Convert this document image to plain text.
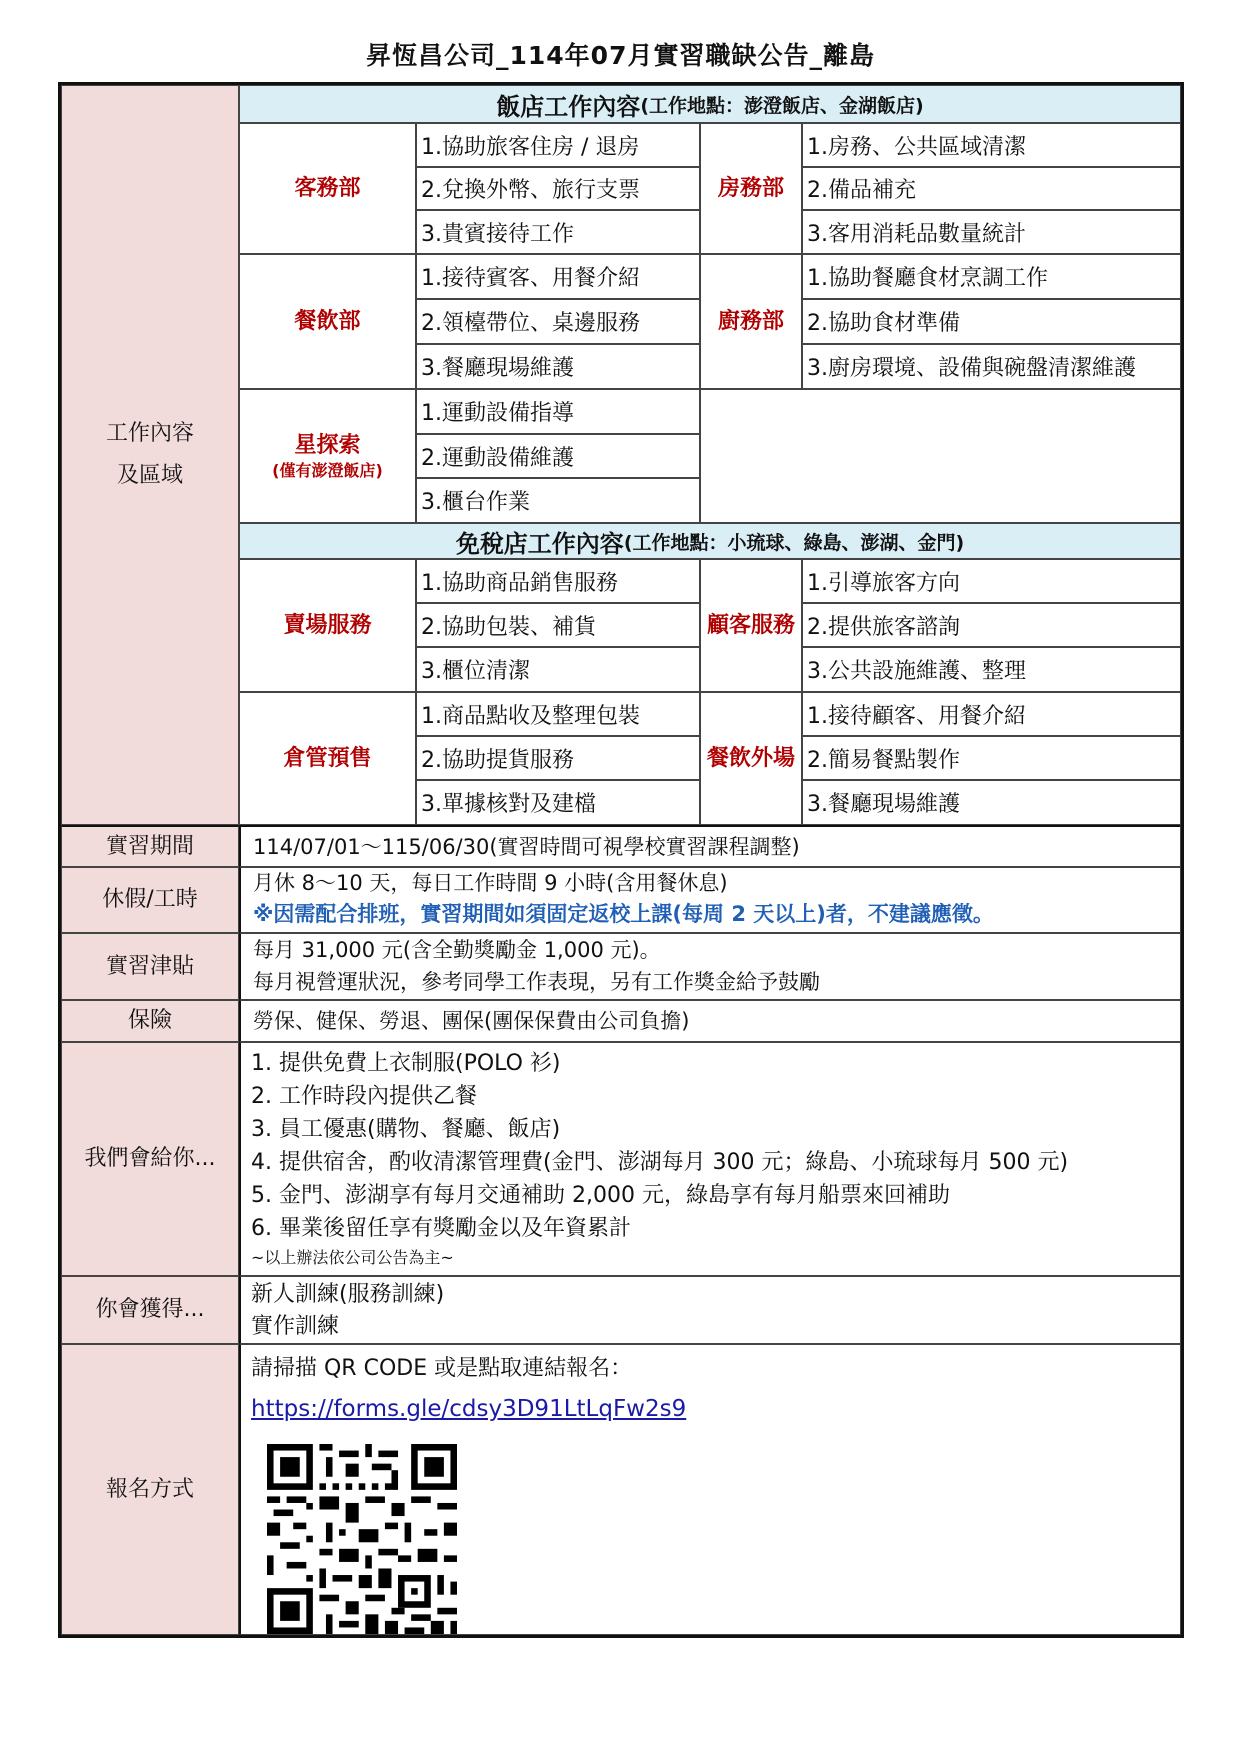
昇恆昌公司_114年07月實習職缺公告_離島
工作內容
及區域
飯店工作內容 (工作地點：澎澄飯店、金湖飯店)
客務部
1.協助旅客住房 / 退房
2.兌換外幣、旅行支票
3.貴賓接待工作
房務部
1.房務、公共區域清潔
2.備品補充
3.客用消耗品數量統計
餐飲部
1.接待賓客、用餐介紹
2.領檯帶位、桌邊服務
3.餐廳現場維護
廚務部
1.協助餐廳食材烹調工作
2.協助食材準備
3.廚房環境、設備與碗盤清潔維護
星探索
(僅有澎澄飯店)
1.運動設備指導
2.運動設備維護
3.櫃台作業
免稅店工作內容 (工作地點：小琉球、綠島、澎湖、金門)
賣場服務
1.協助商品銷售服務
2.協助包裝、補貨
3.櫃位清潔
顧客服務
1.引導旅客方向
2.提供旅客諮詢
3.公共設施維護、整理
倉管預售
1.商品點收及整理包裝
2.協助提貨服務
3.單據核對及建檔
餐飲外場
1.接待顧客、用餐介紹
2.簡易餐點製作
3.餐廳現場維護
實習期間	114/07/01～115/06/30(實習時間可視學校實習課程調整)
休假/工時
月休 8～10 天，每日工作時間 9 小時(含用餐休息)
※因需配合排班，實習期間如須固定返校上課(每周 2 天以上)者，不建議應徵。
實習津貼
每月 31,000 元(含全勤獎勵金 1,000 元)。
每月視營運狀況，參考同學工作表現，另有工作獎金給予鼓勵
保險	勞保、健保、勞退、團保(團保保費由公司負擔)
我們會給你...
1. 提供免費上衣制服(POLO 衫)
2. 工作時段內提供乙餐
3. 員工優惠(購物、餐廳、飯店)
4. 提供宿舍，酌收清潔管理費(金門、澎湖每月 300 元；綠島、小琉球每月 500 元)
5. 金門、澎湖享有每月交通補助 2,000 元，綠島享有每月船票來回補助
6. 畢業後留任享有獎勵金以及年資累計
~以上辦法依公司公告為主~
你會獲得...
新人訓練(服務訓練)
實作訓練
報名方式
請掃描 QR CODE 或是點取連結報名：
https://forms.gle/cdsy3D91LtLqFw2s9
